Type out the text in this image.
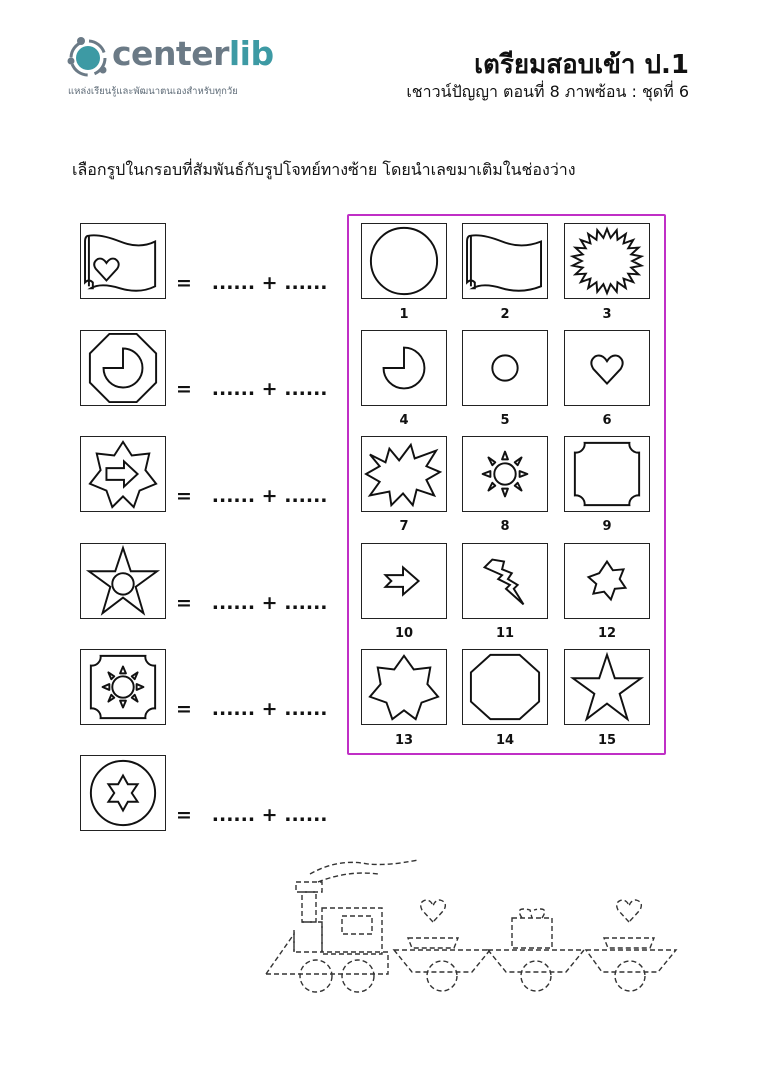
centerlib
แหล่งเรียนรู้และพัฒนาตนเองสำหรับทุกวัย
เตรียมสอบเข้า ป.1
เชาวน์ปัญญา ตอนที่ 8 ภาพซ้อน : ชุดที่ 6
เลือกรูปในกรอบที่สัมพันธ์กับรูปโจทย์ทางซ้าย โดยนำเลขมาเติมในช่องว่าง
=   ...... + ......
=   ...... + ......
=   ...... + ......
=   ...... + ......
=   ...... + ......
=   ...... + ......
1	2	3
4	5	6
7	8	9
10	11	12
13	14	15
